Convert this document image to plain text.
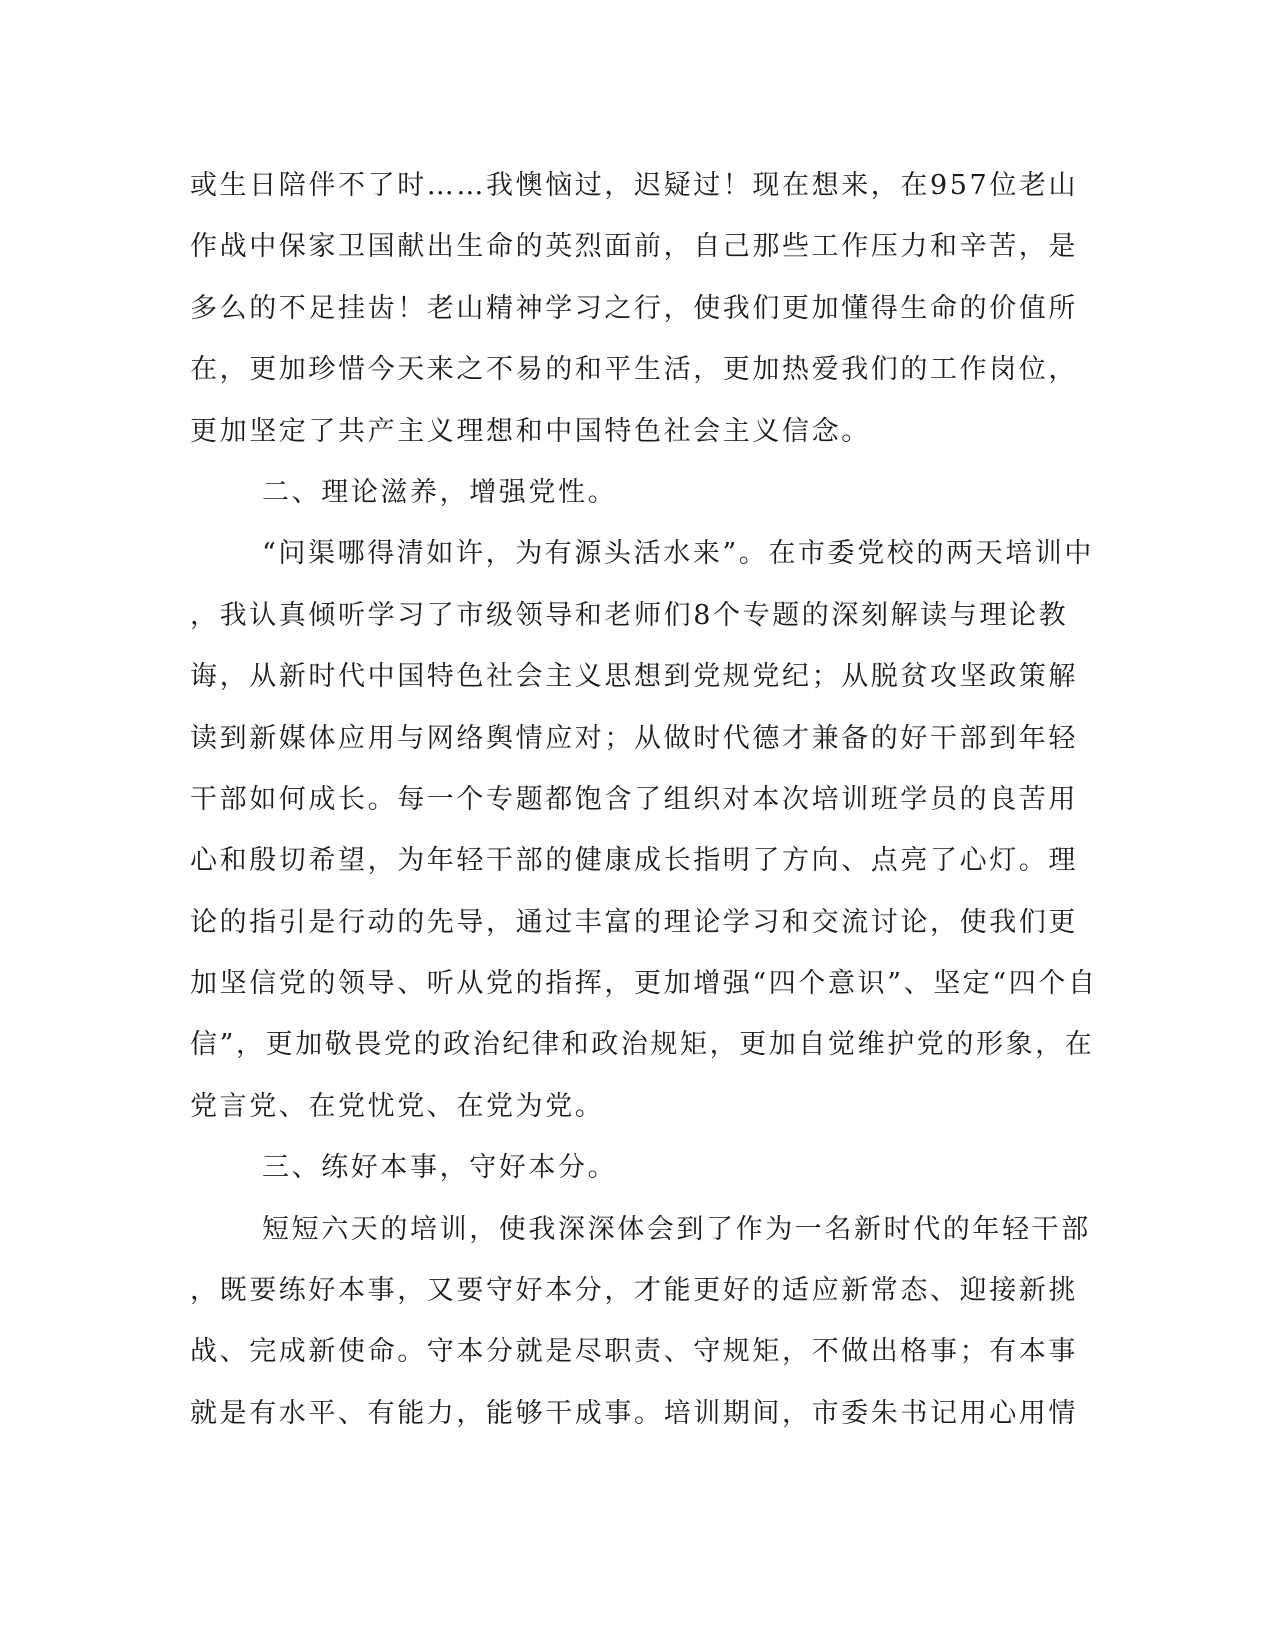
或生日陪伴不了时……我懊恼过，迟疑过！现在想来，在957位老山
作战中保家卫国献出生命的英烈面前，自己那些工作压力和辛苦，是
多么的不足挂齿！老山精神学习之行，使我们更加懂得生命的价值所
在，更加珍惜今天来之不易的和平生活，更加热爱我们的工作岗位，
更加坚定了共产主义理想和中国特色社会主义信念。
二、理论滋养，增强党性。
“问渠哪得清如许，为有源头活水来”。在市委党校的两天培训中
，我认真倾听学习了市级领导和老师们8个专题的深刻解读与理论教
诲，从新时代中国特色社会主义思想到党规党纪；从脱贫攻坚政策解
读到新媒体应用与网络舆情应对；从做时代德才兼备的好干部到年轻
干部如何成长。每一个专题都饱含了组织对本次培训班学员的良苦用
心和殷切希望，为年轻干部的健康成长指明了方向、点亮了心灯。理
论的指引是行动的先导，通过丰富的理论学习和交流讨论，使我们更
加坚信党的领导、听从党的指挥，更加增强“四个意识”、坚定“四个自
信”，更加敬畏党的政治纪律和政治规矩，更加自觉维护党的形象，在
党言党、在党忧党、在党为党。
三、练好本事，守好本分。
短短六天的培训，使我深深体会到了作为一名新时代的年轻干部
，既要练好本事，又要守好本分，才能更好的适应新常态、迎接新挑
战、完成新使命。守本分就是尽职责、守规矩，不做出格事；有本事
就是有水平、有能力，能够干成事。培训期间，市委朱书记用心用情
